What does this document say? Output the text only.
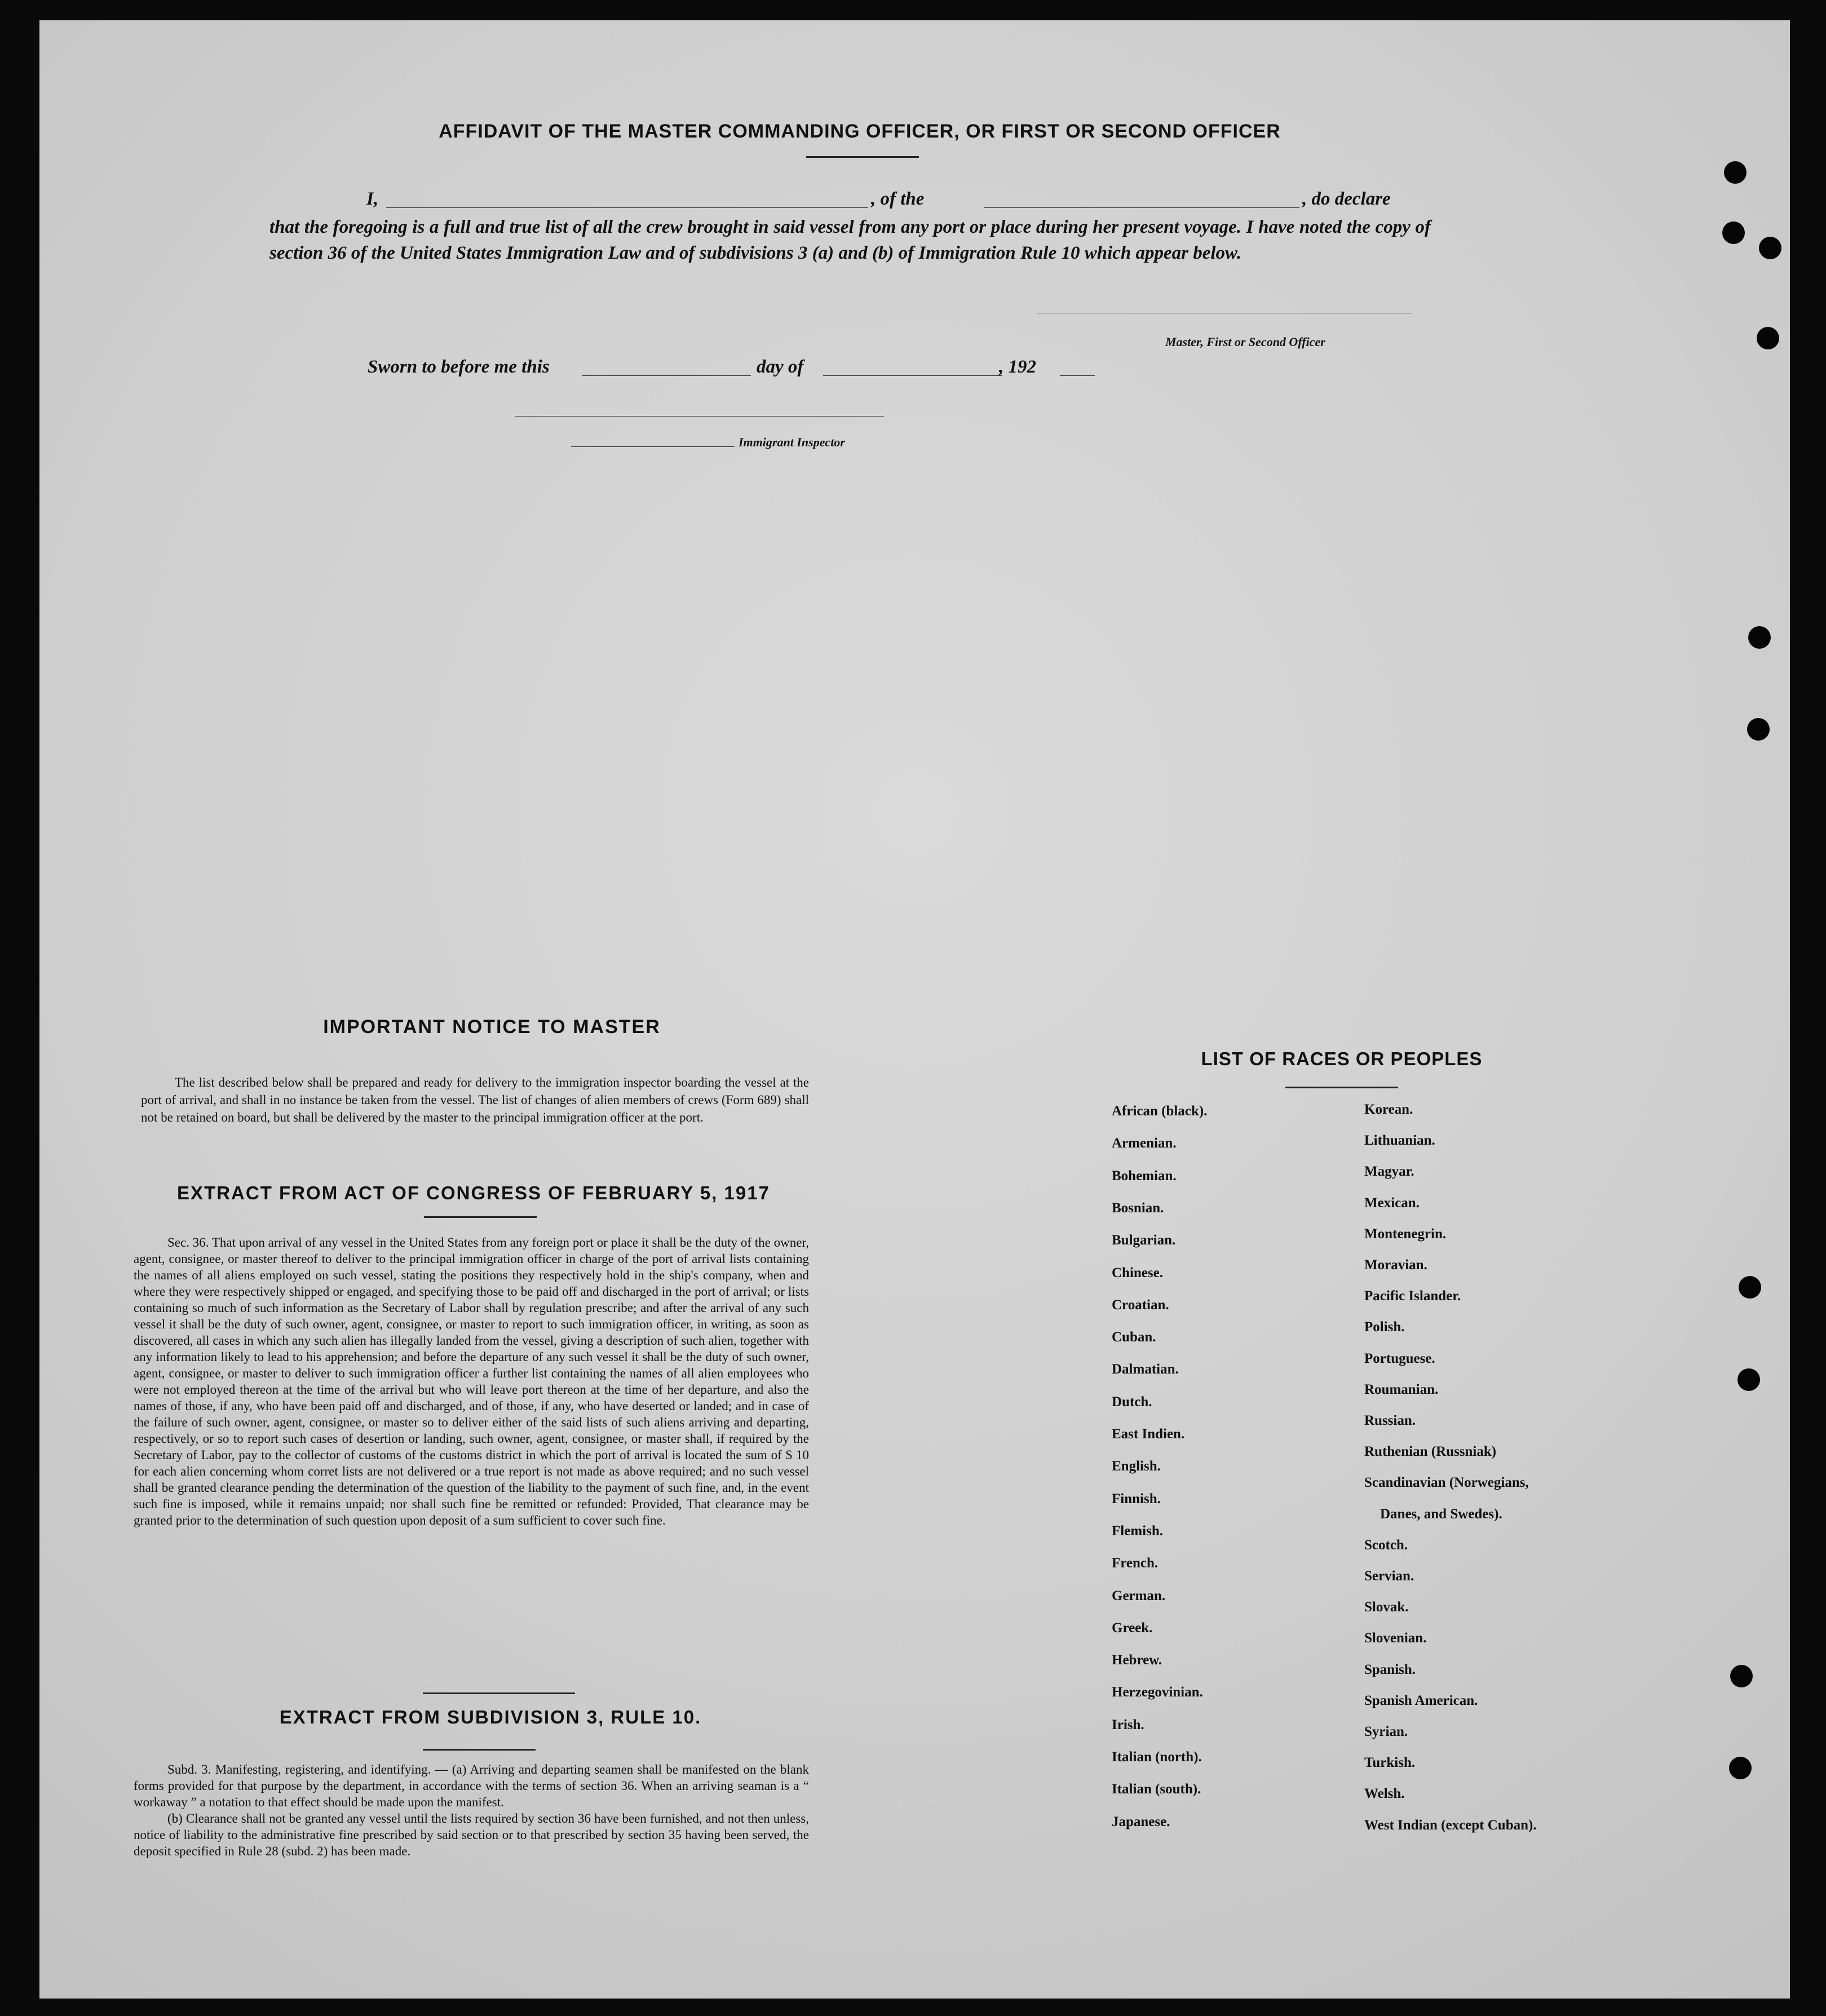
AFFIDAVIT OF THE MASTER COMMANDING OFFICER, OR FIRST OR SECOND OFFICER
I,	, of the	, do declare
that the foregoing is a full and true list of all the crew brought in said vessel from any port or place during her present voyage. I have noted the copy of section 36 of the United States Immigration Law and of subdivisions 3 (a) and (b) of Immigration Rule 10 which appear below.
Master, First or Second Officer
Sworn to before me this	day of	, 192
Immigrant Inspector
IMPORTANT NOTICE TO MASTER

The list described below shall be prepared and ready for delivery to the immigration inspector boarding the vessel at the port of arrival, and shall in no instance be taken from the vessel. The list of changes of alien members of crews (Form 689) shall not be retained on board, but shall be delivered by the master to the principal immigration officer at the port.

EXTRACT FROM ACT OF CONGRESS OF FEBRUARY 5, 1917

Sec. 36. That upon arrival of any vessel in the United States from any foreign port or place it shall be the duty of the owner, agent, consignee, or master thereof to deliver to the principal immigration officer in charge of the port of arrival lists containing the names of all aliens employed on such vessel, stating the positions they respectively hold in the ship's company, when and where they were respectively shipped or engaged, and specifying those to be paid off and discharged in the port of arrival; or lists containing so much of such information as the Secretary of Labor shall by regulation prescribe; and after the arrival of any such vessel it shall be the duty of such owner, agent, consignee, or master to report to such immigration officer, in writing, as soon as discovered, all cases in which any such alien has illegally landed from the vessel, giving a description of such alien, together with any information likely to lead to his apprehension; and before the departure of any such vessel it shall be the duty of such owner, agent, consignee, or master to deliver to such immigration officer a further list containing the names of all alien employees who were not employed thereon at the time of the arrival but who will leave port thereon at the time of her departure, and also the names of those, if any, who have been paid off and discharged, and of those, if any, who have deserted or landed; and in case of the failure of such owner, agent, consignee, or master so to deliver either of the said lists of such aliens arriving and departing, respectively, or so to report such cases of desertion or landing, such owner, agent, consignee, or master shall, if required by the Secretary of Labor, pay to the collector of customs of the customs district in which the port of arrival is located the sum of $ 10 for each alien concerning whom corret lists are not delivered or a true report is not made as above required; and no such vessel shall be granted clearance pending the determination of the question of the liability to the payment of such fine, and, in the event such fine is imposed, while it remains unpaid; nor shall such fine be remitted or refunded: Provided, That clearance may be granted prior to the determination of such question upon deposit of a sum sufficient to cover such fine.

EXTRACT FROM SUBDIVISION 3, RULE 10.

Subd. 3. Manifesting, registering, and identifying. — (a) Arriving and departing seamen shall be manifested on the blank forms provided for that purpose by the department, in accordance with the terms of section 36. When an arriving seaman is a “ workaway ” a notation to that effect should be made upon the manifest.

(b) Clearance shall not be granted any vessel until the lists required by section 36 have been furnished, and not then unless, notice of liability to the administrative fine prescribed by said section or to that prescribed by section 35 having been served, the deposit specified in Rule 28 (subd. 2) has been made.

LIST OF RACES OR PEOPLES
African (black).
Armenian.
Bohemian.
Bosnian.
Bulgarian.
Chinese.
Croatian.
Cuban.
Dalmatian.
Dutch.
East Indien.
English.
Finnish.
Flemish.
French.
German.
Greek.
Hebrew.
Herzegovinian.
Irish.
Italian (north).
Italian (south).
Japanese.
Korean.
Lithuanian.
Magyar.
Mexican.
Montenegrin.
Moravian.
Pacific Islander.
Polish.
Portuguese.
Roumanian.
Russian.
Ruthenian (Russniak)
Scandinavian (Norwegians,
Danes, and Swedes).
Scotch.
Servian.
Slovak.
Slovenian.
Spanish.
Spanish American.
Syrian.
Turkish.
Welsh.
West Indian (except Cuban).
